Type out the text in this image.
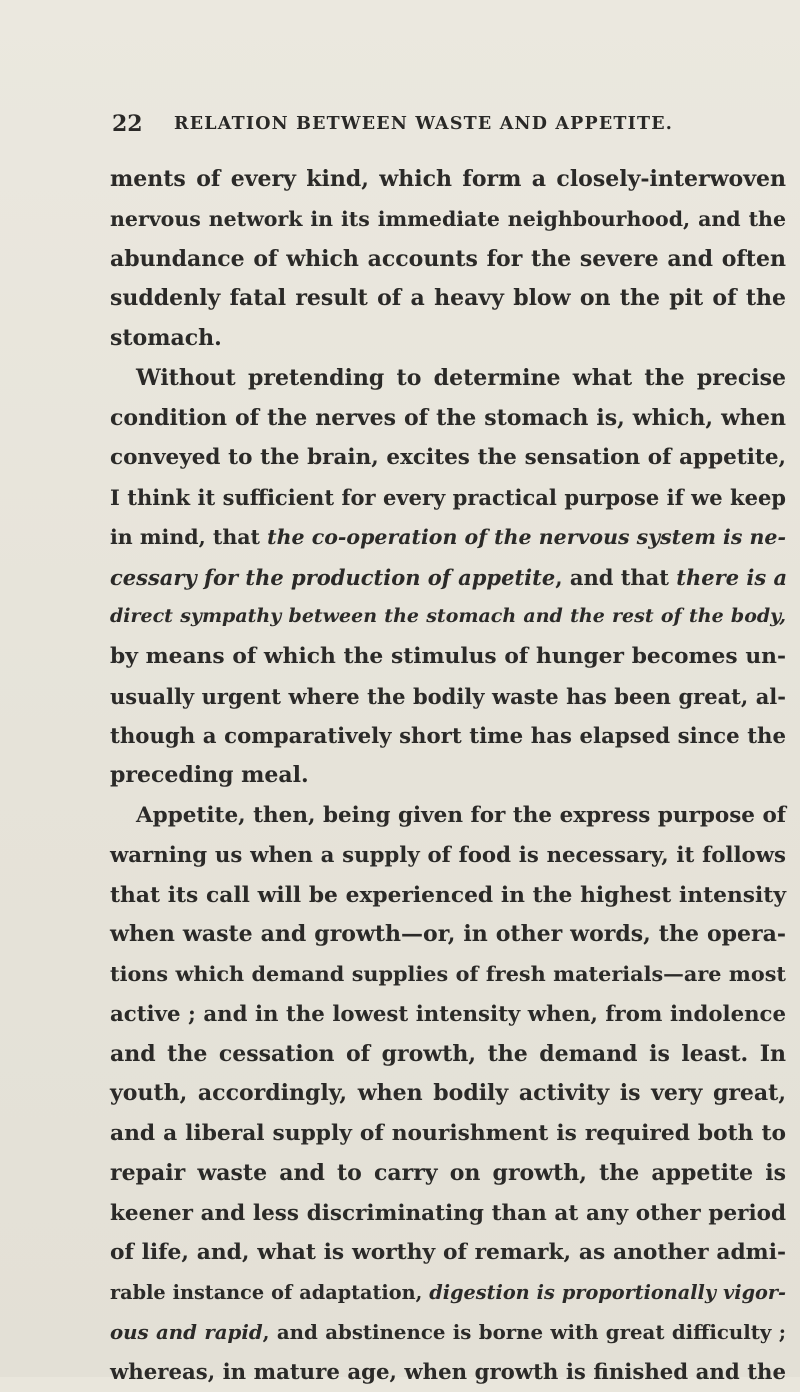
22 RELATION BETWEEN WASTE AND APPETITE.
ments of every kind, which form a closely-interwoven
nervous network in its immediate neighbourhood, and the
abundance of which accounts for the severe and often
suddenly fatal result of a heavy blow on the pit of the
stomach.
Without pretending to determine what the precise
condition of the nerves of the stomach is, which, when
conveyed to the brain, excites the sensation of appetite,
I think it sufficient for every practical purpose if we keep
in mind, that the co-operation of the nervous system is ne-
cessary for the production of appetite, and that there is a
direct sympathy between the stomach and the rest of the body,
by means of which the stimulus of hunger becomes un-
usually urgent where the bodily waste has been great, al-
though a comparatively short time has elapsed since the
preceding meal.
Appetite, then, being given for the express purpose of
warning us when a supply of food is necessary, it follows
that its call will be experienced in the highest intensity
when waste and growth—or, in other words, the opera-
tions which demand supplies of fresh materials—are most
active ; and in the lowest intensity when, from indolence
and the cessation of growth, the demand is least. In
youth, accordingly, when bodily activity is very great,
and a liberal supply of nourishment is required both to
repair waste and to carry on growth, the appetite is
keener and less discriminating than at any other period
of life, and, what is worthy of remark, as another admi-
rable instance of adaptation, digestion is proportionally vigor-
ous and rapid, and abstinence is borne with great difficulty ;
whereas, in mature age, when growth is finished and the
